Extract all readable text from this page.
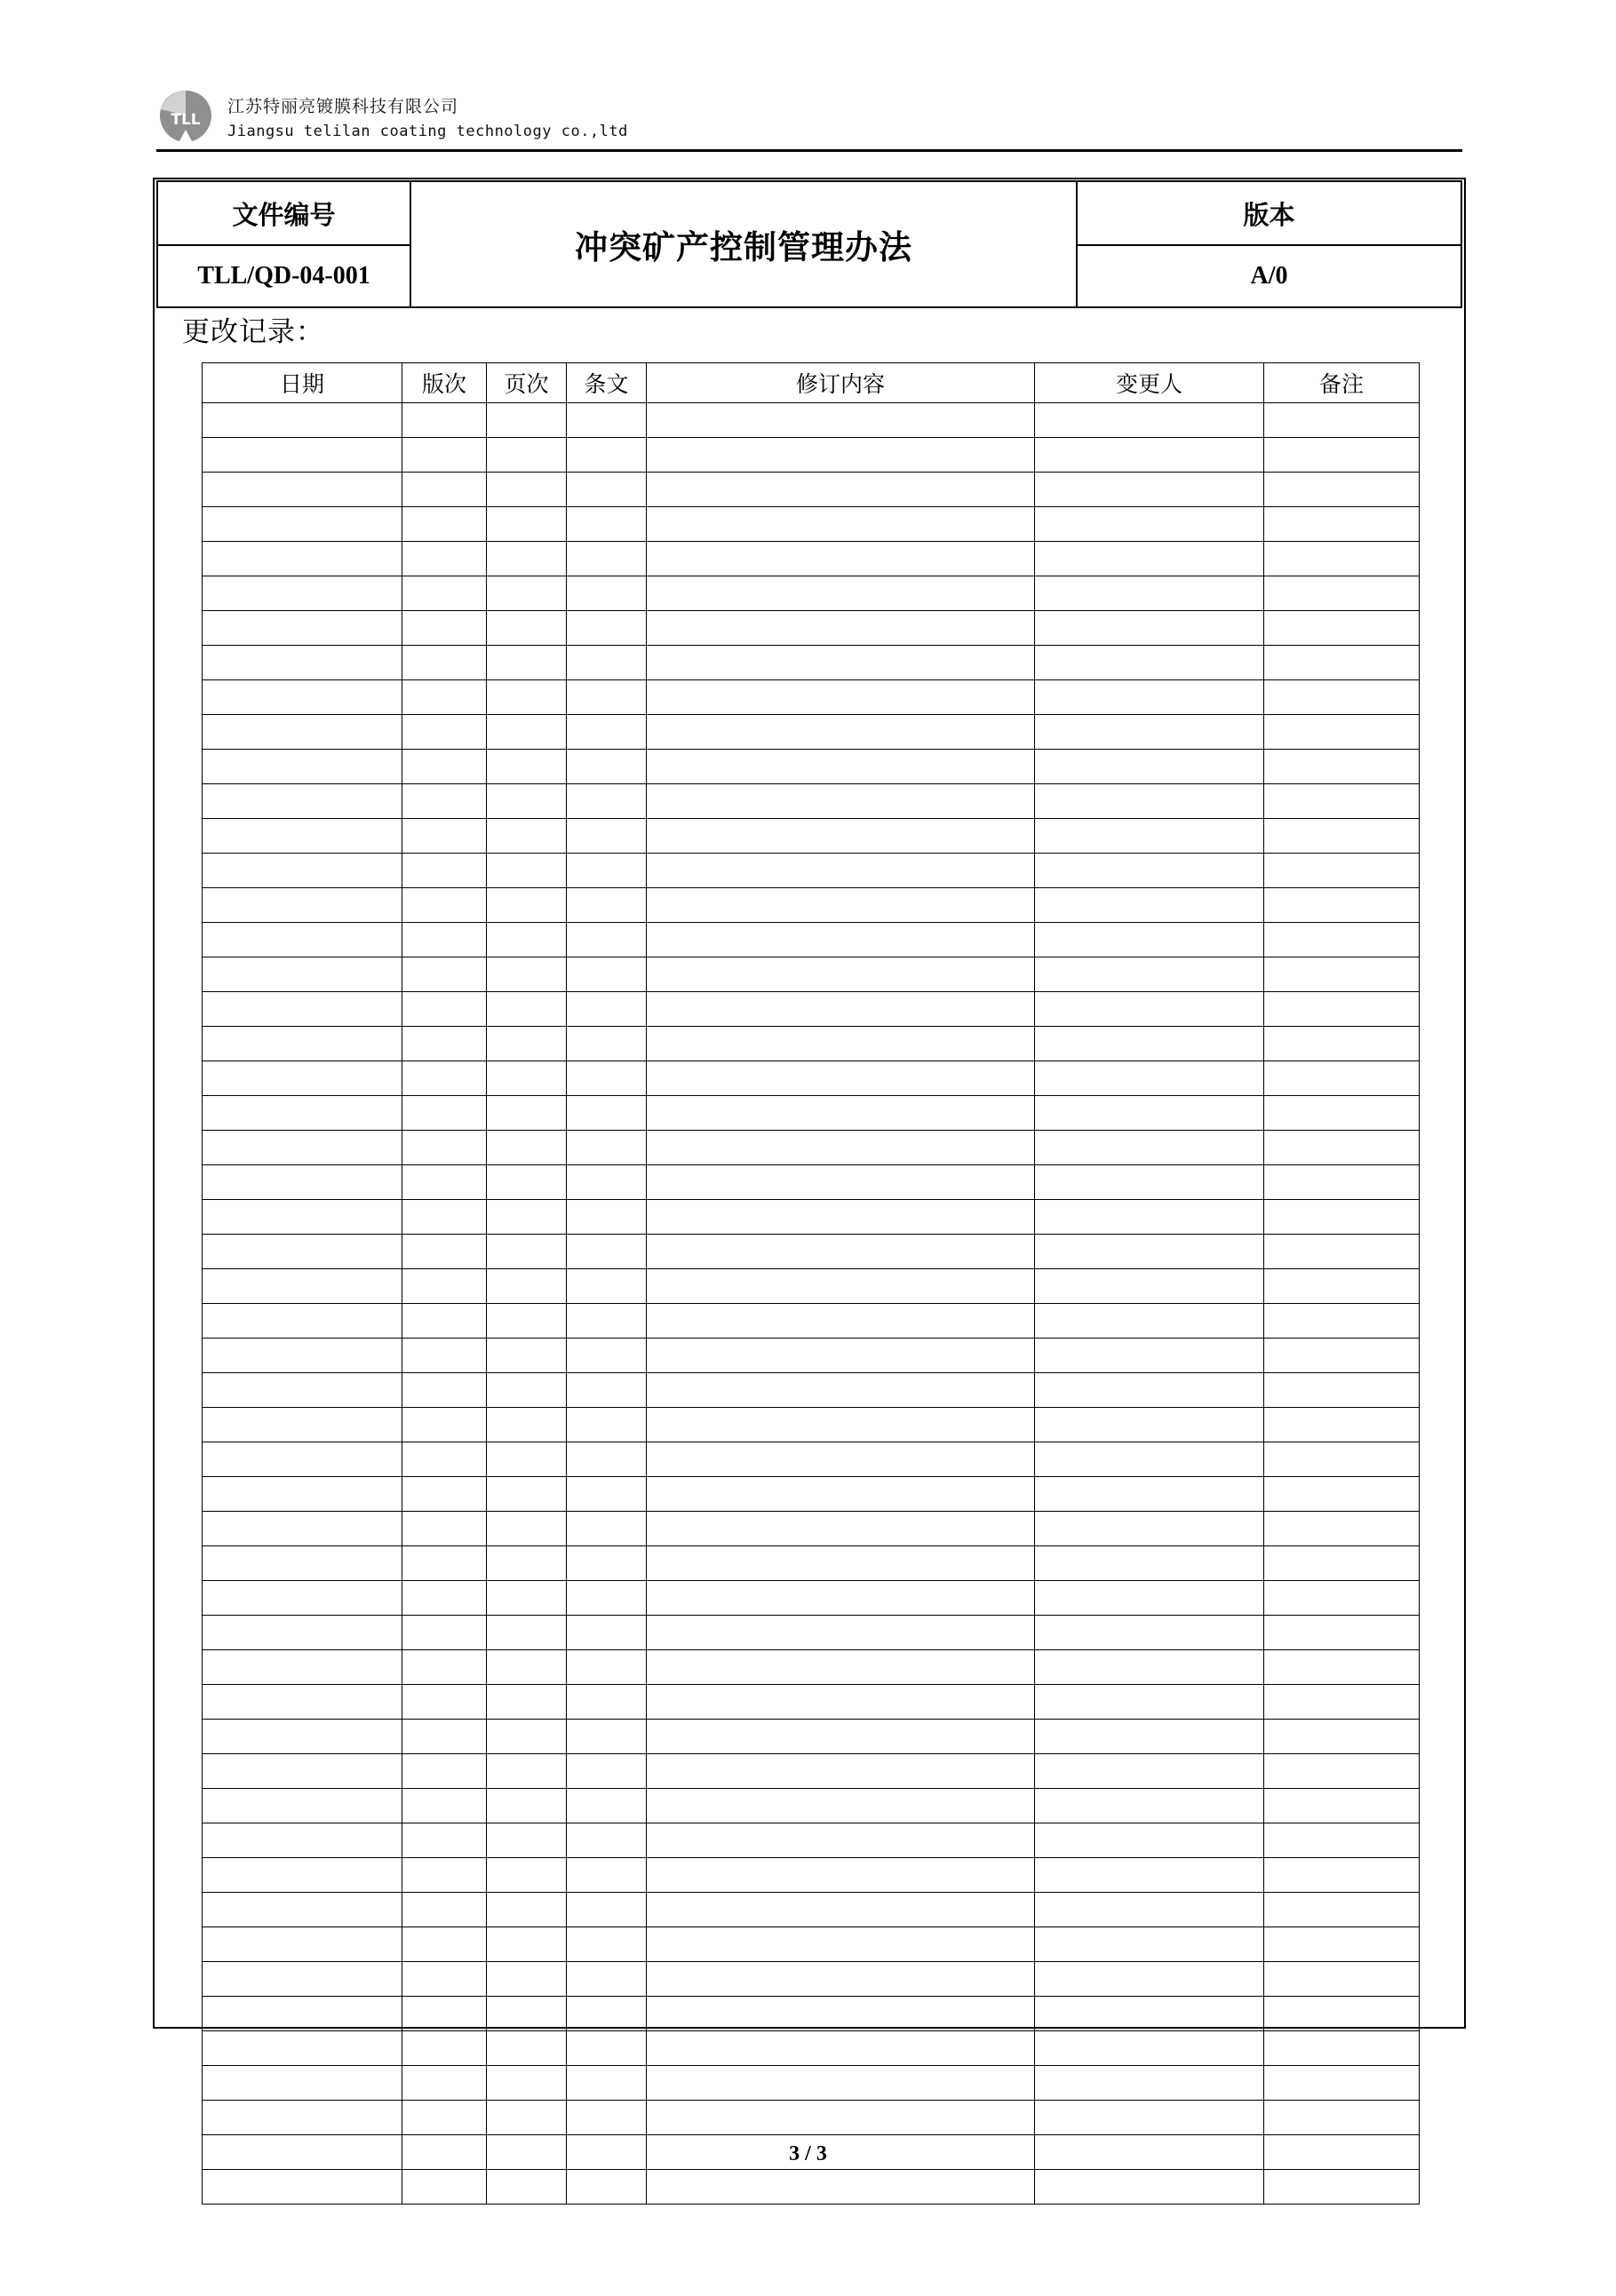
TLL
江苏特丽亮镀膜科技有限公司
Jiangsu telilan coating technology co.,ltd
文件编号	冲突矿产控制管理办法	版本
TLL/QD-04-001		A/0
更改记录：
日期	版次	页次	条文	修订内容	变更人	备注

3 / 3
